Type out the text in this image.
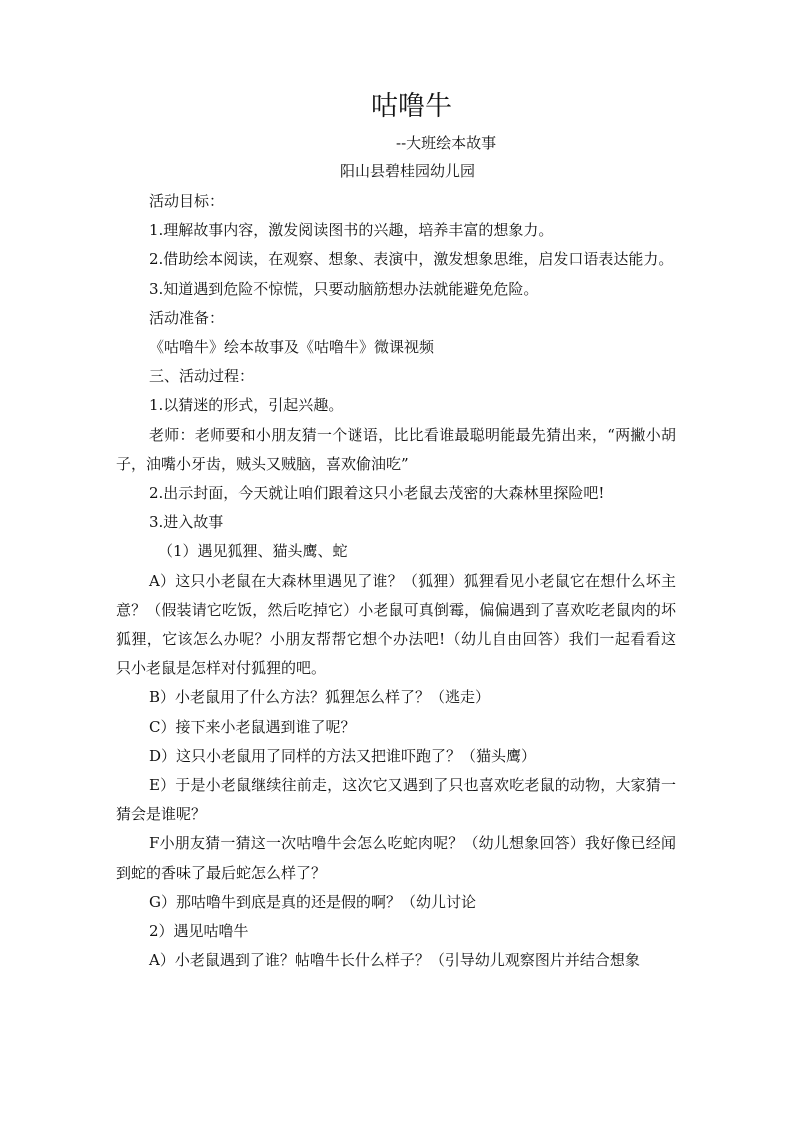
咕噜牛
--大班绘本故事
阳山县碧桂园幼儿园

活动目标：

1.理解故事内容，激发阅读图书的兴趣，培养丰富的想象力。

2.借助绘本阅读，在观察、想象、表演中，激发想象思维，启发口语表达能力。

3.知道遇到危险不惊慌，只要动脑筋想办法就能避免危险。

活动准备：

《咕噜牛》绘本故事及《咕噜牛》微课视频

三、活动过程：

1.以猜迷的形式，引起兴趣。

老师：老师要和小朋友猜一个谜语，比比看谁最聪明能最先猜出来，“两撇小胡子，油嘴小牙齿，贼头又贼脑，喜欢偷油吃”

2.出示封面，今天就让咱们跟着这只小老鼠去茂密的大森林里探险吧!

3.进入故事

（1）遇见狐狸、猫头鹰、蛇

A）这只小老鼠在大森林里遇见了谁？（狐狸）狐狸看见小老鼠它在想什么坏主意？（假装请它吃饭，然后吃掉它）小老鼠可真倒霉，偏偏遇到了喜欢吃老鼠肉的坏狐狸，它该怎么办呢？小朋友帮帮它想个办法吧!（幼儿自由回答）我们一起看看这只小老鼠是怎样对付狐狸的吧。

B）小老鼠用了什么方法？狐狸怎么样了？（逃走）

C）接下来小老鼠遇到谁了呢？

D）这只小老鼠用了同样的方法又把谁吓跑了？（猫头鹰）

E）于是小老鼠继续往前走，这次它又遇到了只也喜欢吃老鼠的动物，大家猜一猜会是谁呢？

F小朋友猜一猜这一次咕噜牛会怎么吃蛇肉呢？（幼儿想象回答）我好像已经闻到蛇的香味了最后蛇怎么样了？

G）那咕噜牛到底是真的还是假的啊？（幼儿讨论

2）遇见咕噜牛

A）小老鼠遇到了谁？帖噜牛长什么样子？（引导幼儿观察图片并结合想象
